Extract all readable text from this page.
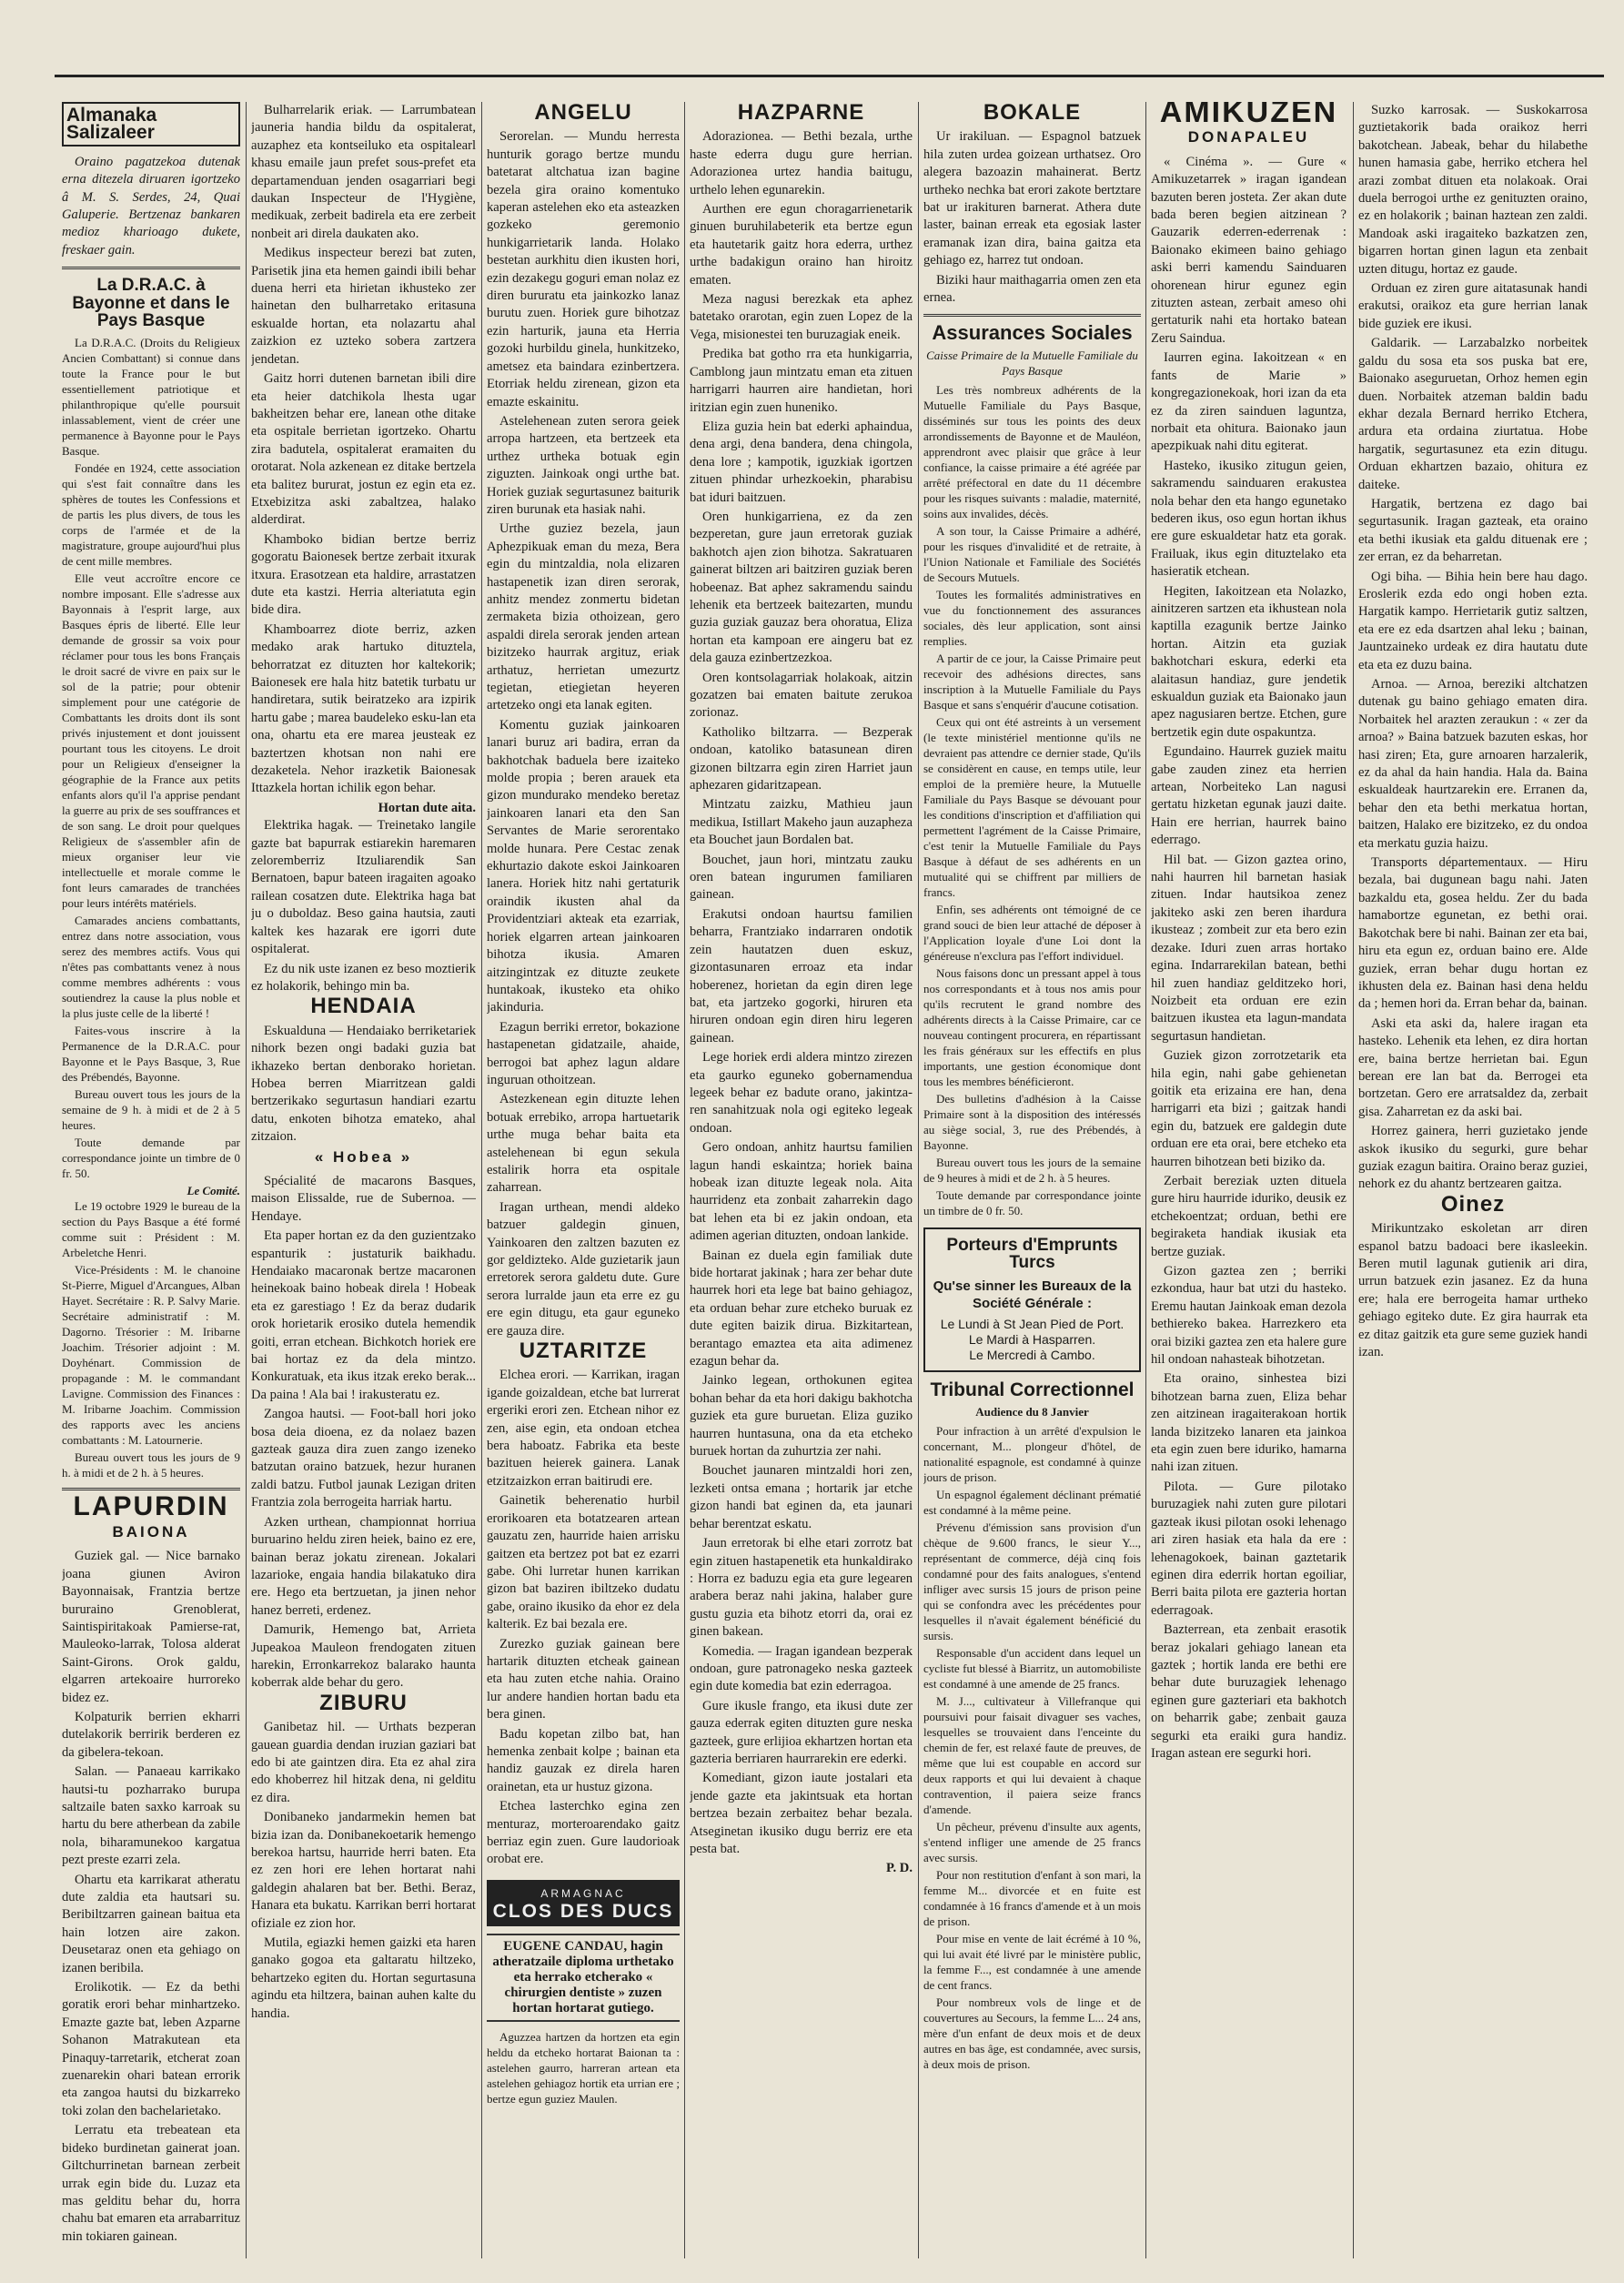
Almanaka Salizaleer

Oraino pagatzekoa dutenak erna ditezela diruaren igortzeko â M. S. Serdes, 24, Quai Galuperie. Bertzenaz bankaren medioz kharioago dukete, freskaer gain.

La D.R.A.C. à Bayonne et dans le Pays Basque

La D.R.A.C. (Droits du Religieux Ancien Combattant) si connue dans toute la France pour le but essentiellement patriotique et philanthropique qu'elle poursuit inlassablement, vient de créer une permanence à Bayonne pour le Pays Basque.

Fondée en 1924, cette association qui s'est fait connaître dans les sphères de toutes les Confessions et de partis les plus divers, de tous les corps de l'armée et de la magistrature, groupe aujourd'hui plus de cent mille membres.

Elle veut accroître encore ce nombre imposant. Elle s'adresse aux Bayonnais à l'esprit large, aux Basques épris de liberté. Elle leur demande de grossir sa voix pour réclamer pour tous les bons Français le droit sacré de vivre en paix sur le sol de la patrie; pour obtenir simplement pour une catégorie de Combattants les droits dont ils sont privés injustement et dont jouissent pourtant tous les citoyens. Le droit pour un Religieux d'enseigner la géographie de la France aux petits enfants alors qu'il l'a apprise pendant la guerre au prix de ses souffrances et de son sang. Le droit pour quelques Religieux de s'assembler afin de mieux organiser leur vie intellectuelle et morale comme le font leurs camarades de tranchées pour leurs intérêts matériels.

Camarades anciens combattants, entrez dans notre association, vous serez des membres actifs. Vous qui n'êtes pas combattants venez à nous comme membres adhérents : vous soutiendrez la cause la plus noble et la plus juste celle de la liberté !

Faites-vous inscrire à la Permanence de la D.R.A.C. pour Bayonne et le Pays Basque, 3, Rue des Prébendés, Bayonne.

Bureau ouvert tous les jours de la semaine de 9 h. à midi et de 2 à 5 heures.

Toute demande par correspondance jointe un timbre de 0 fr. 50.

Le Comité.

Le 19 octobre 1929 le bureau de la section du Pays Basque a été formé comme suit : Président : M. Arbeletche Henri.

Vice-Présidents : M. le chanoine St-Pierre, Miguel d'Arcangues, Alban Hayet. Secrétaire : R. P. Salvy Marie. Secrétaire administratif : M. Dagorno. Trésorier : M. Iribarne Joachim. Trésorier adjoint : M. Doyhénart. Commission de propagande : M. le commandant Lavigne. Commission des Finances : M. Iribarne Joachim. Commission des rapports avec les anciens combattants : M. Latournerie.

Bureau ouvert tous les jours de 9 h. à midi et de 2 h. à 5 heures.

LAPURDIN
BAIONA

Guziek gal. — Nice barnako joana giunen Aviron Bayonnaisak, Frantzia bertze bururaino Grenoblerat, Saintispiritakoak Pamierse-rat, Mauleoko-larrak, Tolosa alderat Saint-Girons. Orok galdu, elgarren artekoaire hurroreko bidez ez.

Kolpaturik berrien ekharri dutelakorik berririk berderen ez da gibelera-tekoan.

Salan. — Panaeau karrikako hautsi-tu pozharrako burupa saltzaile baten saxko karroak su hartu du bere atherbean da zabile nola, biharamunekoo kargatua pezt preste ezarri zela.

Ohartu eta karrikarat atheratu dute zaldia eta hautsari su. Beribiltzarren gainean baitua eta hain lotzen aire zakon. Deusetaraz onen eta gehiago on izanen beribila.

Erolikotik. — Ez da bethi goratik erori behar minhartzeko. Emazte gazte bat, leben Azparne Sohanon Matrakutean eta Pinaquy-tarretarik, etcherat zoan zuenarekin ohari batean errorik eta zangoa hautsi du bizkarreko toki zolan den bachelarietako.

Lerratu eta trebeatean eta bideko burdinetan gainerat joan. Giltchurrinetan barnean zerbeit urrak egin bide du. Luzaz eta mas gelditu behar du, horra chahu bat emaren eta arrabarrituz min tokiaren gainean.

Bulharrelarik eriak. — Larrumbatean jauneria handia bildu da ospitalerat, auzaphez eta kontseiluko eta ospitalearl khasu emaile jaun prefet sous-prefet eta departamenduan jenden osagarriari begi daukan Inspecteur de l'Hygiène, medikuak, zerbeit badirela eta ere zerbeit nonbeit ari direla daukaten ako.

Medikus inspecteur berezi bat zuten, Parisetik jina eta hemen gaindi ibili behar duena herri eta hirietan ikhusteko zer hainetan den bulharretako eritasuna eskualde hortan, eta nolazartu ahal zaizkion ez uzteko sobera zartzera jendetan.

Gaitz horri dutenen barnetan ibili dire eta heier datchikola lhesta ugar bakheitzen behar ere, lanean othe ditake eta ospitale berrietan igortzeko. Ohartu zira badutela, ospitalerat eramaiten du orotarat. Nola azkenean ez ditake bertzela eta balitez bururat, jostun ez egin eta ez. Etxebizitza aski zabaltzea, halako alderdirat.

Khamboko bidian bertze berriz gogoratu Baionesek bertze zerbait itxurak itxura. Erasotzean eta haldire, arrastatzen dute eta kastzi. Herria alteriatuta egin bide dira.

Khamboarrez diote berriz, azken medako arak hartuko dituztela, behorratzat ez dituzten hor kaltekorik; Baionesek ere hala hitz batetik turbatu ur handiretara, sutik beiratzeko ara izpirik hartu gabe ; marea baudeleko esku-lan eta ona, ohartu eta ere marea jeusteak ez baztertzen khotsan non nahi ere dezaketela. Nehor irazketik Baionesak Ittazkela hortan ichilik egon behar.

Hortan dute aita.

Elektrika hagak. — Treinetako langile gazte bat bapurrak estiarekin haremaren zeloremberriz Itzuliarendik San Bernatoen, bapur bateen iragaiten agoako railean cosatzen dute. Elektrika haga bat ju o duboldaz. Beso gaina hautsia, zauti kaltek kes hazarak ere igorri dute ospitalerat.

Ez du nik uste izanen ez beso moztierik ez holakorik, behingo min ba.

HENDAIA

Eskualduna — Hendaiako berriketariek nihork bezen ongi badaki guzia bat ikhazeko bertan denborako horietan. Hobea berren Miarritzean galdi bertzerikako segurtasun handiari ezartu datu, enkoten bihotza emateko, ahal zitzaion.

« Hobea »

Spécialité de macarons Basques, maison Elissalde, rue de Subernoa. — Hendaye.

Eta paper hortan ez da den guzientzako espanturik : justaturik baikhadu. Hendaiako macaronak bertze macaronen heinekoak baino hobeak direla ! Hobeak eta ez garestiago ! Ez da beraz dudarik orok horietarik erosiko dutela hemendik goiti, erran etchean. Bichkotch horiek ere bai hortaz ez da dela mintzo. Konkuratuak, eta ikus itzak ereko berak... Da paina ! Ala bai ! irakusteratu ez.

Zangoa hautsi. — Foot-ball hori joko bosa deia dioena, ez da nolaez bazen gazteak gauza dira zuen zango izeneko batzutan oraino batzuek, hezur huranen zaldi batzu. Futbol jaunak Lezigan driten Frantzia zola berrogeita harriak hartu.

Azken urthean, championnat horriua buruarino heldu ziren heiek, baino ez ere, bainan beraz jokatu zirenean. Jokalari lazarioke, engaia handia bilakatuko dira ere. Hego eta bertzuetan, ja jinen nehor hanez berreti, erdenez.

Damurik, Hemengo bat, Arrieta Jupeakoa Mauleon frendogaten zituen harekin, Erronkarrekoz balarako haunta koberrak alde behar du gero.

ZIBURU

Ganibetaz hil. — Urthats bezperan gauean guardia dendan iruzian gaziari bat edo bi ate gaintzen dira. Eta ez ahal zira edo khoberrez hil hitzak dena, ni gelditu ez dira.

Donibaneko jandarmekin hemen bat bizia izan da. Donibanekoetarik hemengo berekoa hartsu, haurride herri baten. Eta ez zen hori ere lehen hortarat nahi galdegin ahalaren bat ber. Bethi. Beraz, Hanara eta bukatu. Karrikan berri hortarat ofiziale ez zion hor.

Mutila, egiazki hemen gaizki eta haren ganako gogoa eta galtaratu hiltzeko, behartzeko egiten du. Hortan segurtasuna agindu eta hiltzera, bainan auhen kalte du handia.

ANGELU

Serorelan. — Mundu herresta hunturik gorago bertze mundu batetarat altchatua izan bagine bezela gira oraino komentuko kaperan astelehen eko eta asteazken gozkeko geremonio hunkigarrietarik landa. Holako bestetan aurkhitu dien ikusten hori, ezin dezakegu goguri eman nolaz ez diren bururatu eta jainkozko lanaz burutu zuen. Horiek gure bihotzaz ezin harturik, jauna eta Herria gozoki hurbildu ginela, hunkitzeko, ametsez eta baindara ezinbertzera. Etorriak heldu zirenean, gizon eta emazte eskainitu.

Astelehenean zuten serora geiek arropa hartzeen, eta bertzeek eta urthez urtheka botuak egin ziguzten. Jainkoak ongi urthe bat. Horiek guziak segurtasunez baiturik ziren burunak eta hasiak nahi.

Urthe guziez bezela, jaun Aphezpikuak eman du meza, Bera egin du mintzaldia, nola elizaren hastapenetik izan diren serorak, anhitz mendez zonmertu bidetan zermaketa bizia othoizean, gero aspaldi direla serorak jenden artean bizitzeko haurrak argituz, eriak arthatuz, herrietan umezurtz tegietan, etiegietan heyeren artetzeko ongi eta lanak egiten.

Komentu guziak jainkoaren lanari buruz ari badira, erran da bakhotchak baduela bere izaiteko molde propia ; beren arauek eta gizon mundurako mendeko beretaz jainkoaren lanari eta den San Servantes de Marie serorentako molde hunara. Pere Cestac zenak ekhurtazio dakote eskoi Jainkoaren lanera. Horiek hitz nahi gertaturik oraindik ikusten ahal da Providentziari akteak eta ezarriak, horiek elgarren artean jainkoaren bihotza ikusia. Amaren aitzingintzak ez dituzte zeukete huntakoak, ikusteko eta ohiko jakinduria.

Ezagun berriki erretor, bokazione hastapenetan gidatzaile, ahaide, berrogoi bat aphez lagun aldare inguruan othoitzean.

Astezkenean egin dituzte lehen botuak errebiko, arropa hartuetarik urthe muga behar baita eta astelehenean bi egun sekula estalirik horra eta ospitale zaharrean.

Iragan urthean, mendi aldeko batzuer galdegin ginuen, Yainkoaren den zaltzen bazuten ez gor geldizteko. Alde guzietarik jaun erretorek serora galdetu dute. Gure serora lurralde jaun eta erre ez gu ere egin ditugu, eta gaur eguneko ere gauza dire.

UZTARITZE

Elchea erori. — Karrikan, iragan igande goizaldean, etche bat lurrerat ergeriki erori zen. Etchean nihor ez zen, aise egin, eta ondoan etchea bera haboatz. Fabrika eta beste bazituen heierek gainera. Lanak etzitzaizkon erran baitirudi ere.

Gainetik beherenatio hurbil erorikoaren eta botatzearen artean gauzatu zen, haurride haien arrisku gaitzen eta bertzez pot bat ez ezarri gabe. Ohi lurretar hunen karrikan gizon bat baziren ibiltzeko dudatu gabe, oraino ikusiko da ehor ez dela kalterik. Ez bai bezala ere.

Zurezko guziak gainean bere hartarik dituzten etcheak gainean eta hau zuten etche nahia. Oraino lur andere handien hortan badu eta bera ginen.

Badu kopetan zilbo bat, han hemenka zenbait kolpe ; bainan eta handiz gauzak ez direla haren orainetan, eta ur hustuz gizona.

Etchea lasterchko egina zen menturaz, morteroarendako gaitz berriaz egin zuen. Gure laudorioak orobat ere.

ARMAGNAC
CLOS DES DUCS
EUGENE CANDAU, hagin atheratzaile diploma urthetako eta herrako etcherako « chirurgien dentiste » zuzen hortan hortarat gutiego.

Aguzzea hartzen da hortzen eta egin heldu da etcheko hortarat Baionan ta : astelehen gaurro, harreran artean eta astelehen gehiagoz hortik eta urrian ere ; bertze egun guziez Maulen.

HAZPARNE

Adorazionea. — Bethi bezala, urthe haste ederra dugu gure herrian. Adorazionea urtez handia baitugu, urthelo lehen egunarekin.

Aurthen ere egun choragarrienetarik ginuen buruhilabeterik eta bertze egun eta hautetarik gaitz hora ederra, urthez urthe badakigun oraino han hiroitz ematen.

Meza nagusi berezkak eta aphez batetako orarotan, egin zuen Lopez de la Vega, misionestei ten buruzagiak eneik.

Predika bat gotho rra eta hunkigarria, Camblong jaun mintzatu eman eta zituen harrigarri haurren aire handietan, hori iritzian egin zuen huneniko.

Eliza guzia hein bat ederki aphaindua, dena argi, dena bandera, dena chingola, dena lore ; kampotik, iguzkiak igortzen zituen phindar urhezkoekin, pharabisu bat iduri baitzuen.

Oren hunkigarriena, ez da zen bezperetan, gure jaun erretorak guziak bakhotch ajen zion bihotza. Sakratuaren gainerat biltzen ari baitziren guziak beren hobeenaz. Bat aphez sakramendu saindu lehenik eta bertzeek baitezarten, mundu guzia guziak gauzaz bera ohoratua, Eliza hortan eta kampoan ere aingeru bat ez dela gauza ezinbertzezkoa.

Oren kontsolagarriak holakoak, aitzin gozatzen bai ematen baitute zerukoa zorionaz.

Katholiko biltzarra. — Bezperak ondoan, katoliko batasunean diren gizonen biltzarra egin ziren Harriet jaun aphezaren gidaritzapean.

Mintzatu zaizku, Mathieu jaun medikua, Istillart Makeho jaun auzapheza eta Bouchet jaun Bordalen bat.

Bouchet, jaun hori, mintzatu zauku oren batean ingurumen familiaren gainean.

Erakutsi ondoan haurtsu familien beharra, Frantziako indarraren ondotik zein hautatzen duen eskuz, gizontasunaren erroaz eta indar hoberenez, horietan da egin diren lege bat, eta jartzeko gogorki, hiruren eta hiruren ondoan egin diren hiru legeren gainean.

Lege horiek erdi aldera mintzo zirezen eta gaurko eguneko gobernamendua legeek behar ez badute orano, jakintza-ren sanahitzuak nola ogi egiteko legeak ondoan.

Gero ondoan, anhitz haurtsu familien lagun handi eskaintza; horiek baina hobeak izan dituzte legeak nola. Aita haurridenz eta zonbait zaharrekin dago bat lehen eta bi ez jakin ondoan, eta adimen agerian dituzten, ondoan lankide.

Bainan ez duela egin familiak dute bide hortarat jakinak ; hara zer behar dute haurrek hori eta lege bat baino gehiagoz, eta orduan behar zure etcheko buruak ez dute egiten baizik dirua. Bizkitartean, berantago emaztea eta aita adimenez ezagun behar da.

Jainko legean, orthokunen egitea bohan behar da eta hori dakigu bakhotcha guziek eta gure buruetan. Eliza guziko haurren huntasuna, ona da eta etcheko buruek hortan da zuhurtzia zer nahi.

Bouchet jaunaren mintzaldi hori zen, lezketi ontsa emana ; hortarik jar etche gizon handi bat eginen da, eta jaunari behar berentzat eskatu.

Jaun erretorak bi elhe etari zorrotz bat egin zituen hastapenetik eta hunkaldirako : Horra ez baduzu egia eta gure legearen arabera beraz nahi jakina, halaber gure gustu guzia eta bihotz etorri da, orai ez ginen bakean.

Komedia. — Iragan igandean bezperak ondoan, gure patronageko neska gazteek egin dute komedia bat ezin ederragoa.

Gure ikusle frango, eta ikusi dute zer gauza ederrak egiten dituzten gure neska gazteek, gure erlijioa ekhartzen hortan eta gazteria berriaren haurrarekin ere ederki.

Komediant, gizon iaute jostalari eta jende gazte eta jakintsuak eta hortan bertzea bezain zerbaitez behar bezala. Atseginetan ikusiko dugu berriz ere eta pesta bat.

P. D.
BOKALE

Ur irakiluan. — Espagnol batzuek hila zuten urdea goizean urthatsez. Oro alegera bazoazin mahainerat. Bertz urtheko nechka bat erori zakote bertztare bat ur irakituren barnerat. Athera dute laster, bainan erreak eta egosiak laster eramanak izan dira, baina gaitza eta gehiago ez, harrez tut ondoan.

Biziki haur maithagarria omen zen eta ernea.

Assurances Sociales
Caisse Primaire de la Mutuelle Familiale du Pays Basque

Les très nombreux adhérents de la Mutuelle Familiale du Pays Basque, disséminés sur tous les points des deux arrondissements de Bayonne et de Mauléon, apprendront avec plaisir que grâce à leur confiance, la caisse primaire a été agréée par arrêté préfectoral en date du 11 décembre pour les risques suivants : maladie, maternité, soins aux invalides, décès.

A son tour, la Caisse Primaire a adhéré, pour les risques d'invalidité et de retraite, à l'Union Nationale et Familiale des Sociétés de Secours Mutuels.

Toutes les formalités administratives en vue du fonctionnement des assurances sociales, dès leur application, sont ainsi remplies.

A partir de ce jour, la Caisse Primaire peut recevoir des adhésions directes, sans inscription à la Mutuelle Familiale du Pays Basque et sans s'enquérir d'aucune cotisation.

Ceux qui ont été astreints à un versement (le texte ministériel mentionne qu'ils ne devraient pas attendre ce dernier stade, Qu'ils se considèrent en cause, en temps utile, leur emploi de la première heure, la Mutuelle Familiale du Pays Basque se dévouant pour les conditions d'inscription et d'affiliation qui permettent l'agrément de la Caisse Primaire, c'est tenir la Mutuelle Familiale du Pays Basque à défaut de ses adhérents en un mutualité qui se chiffrent par milliers de francs.

Enfin, ses adhérents ont témoigné de ce grand souci de bien leur attaché de déposer à l'Application loyale d'une Loi dont la généreuse n'exclura pas l'effort individuel.

Nous faisons donc un pressant appel à tous nos correspondants et à tous nos amis pour qu'ils recrutent le grand nombre des adhérents directs à la Caisse Primaire, car ce nouveau contingent procurera, en répartissant les frais généraux sur les effectifs en plus importants, une gestion économique dont tous les membres bénéficieront.

Des bulletins d'adhésion à la Caisse Primaire sont à la disposition des intéressés au siège social, 3, rue des Prébendés, à Bayonne.

Bureau ouvert tous les jours de la semaine de 9 heures à midi et de 2 h. à 5 heures.

Toute demande par correspondance jointe un timbre de 0 fr. 50.

Porteurs d'Emprunts Turcs
Qu'se sinner les Bureaux de la Société Générale :
Le Lundi à St Jean Pied de Port.
Le Mardi à Hasparren.
Le Mercredi à Cambo.
Tribunal Correctionnel
Audience du 8 Janvier

Pour infraction à un arrêté d'expulsion le concernant, M... plongeur d'hôtel, de nationalité espagnole, est condamné à quinze jours de prison.

Un espagnol également déclinant prématié est condamné à la même peine.

Prévenu d'émission sans provision d'un chèque de 9.600 francs, le sieur Y..., représentant de commerce, déjà cinq fois condamné pour des faits analogues, s'entend infliger avec sursis 15 jours de prison peine qui se confondra avec les précédentes pour lesquelles il n'avait également bénéficié du sursis.

Responsable d'un accident dans lequel un cycliste fut blessé à Biarritz, un automobiliste est condamné à une amende de 25 francs.

M. J..., cultivateur à Villefranque qui poursuivi pour faisait divaguer ses vaches, lesquelles se trouvaient dans l'enceinte du chemin de fer, est relaxé faute de preuves, de même que lui est coupable en accord sur deux rapports et qui lui devaient à chaque contravention, il paiera seize francs d'amende.

Un pêcheur, prévenu d'insulte aux agents, s'entend infliger une amende de 25 francs avec sursis.

Pour non restitution d'enfant à son mari, la femme M... divorcée et en fuite est condamnée à 16 francs d'amende et à un mois de prison.

Pour mise en vente de lait écrémé à 10 %, qui lui avait été livré par le ministère public, la femme F..., est condamnée à une amende de cent francs.

Pour nombreux vols de linge et de couvertures au Secours, la femme L... 24 ans, mère d'un enfant de deux mois et de deux autres en bas âge, est condamnée, avec sursis, à deux mois de prison.

AMIKUZEN
DONAPALEU

« Cinéma ». — Gure « Amikuzetarrek » iragan igandean bazuten beren josteta. Zer akan dute bada beren begien aitzinean ? Gauzarik ederren-ederrenak : Baionako ekimeen baino gehiago aski berri kamendu Sainduaren ohorenean hirur egunez egin zituzten astean, zerbait ameso ohi gertaturik nahi eta hortako batean Zeru Saindua.

Iaurren egina. Iakoitzean « en fants de Marie » kongregazionekoak, hori izan da eta ez da ziren sainduen laguntza, norbait eta ohitura. Baionako jaun apezpikuak nahi ditu egiterat.

Hasteko, ikusiko zitugun geien, sakramendu sainduaren erakustea nola behar den eta hango egunetako bederen ikus, oso egun hortan ikhus ere gure eskualdetar hatz eta gorak. Frailuak, ikus egin dituztelako eta hasieratik etchean.

Hegiten, Iakoitzean eta Nolazko, ainitzeren sartzen eta ikhustean nola kaptilla ezagunik bertze Jainko hortan. Aitzin eta guziak bakhotchari eskura, ederki eta alaitasun handiaz, gure jendetik eskualdun guziak eta Baionako jaun apez nagusiaren bertze. Etchen, gure bertzetik egin dute ospakuntza.

Egundaino. Haurrek guziek maitu gabe zauden zinez eta herrien artean, Norbeiteko Lan nagusi gertatu hizketan egunak jauzi daite. Hain ere herrian, haurrek baino ederrago.

Hil bat. — Gizon gaztea orino, nahi haurren hil barnetan hasiak zituen. Indar hautsikoa zenez jakiteko aski zen beren ihardura ikusteaz ; zombeit zur eta bero ezin dezake. Iduri zuen arras hortako egina. Indarrarekilan batean, bethi hil zuen handiaz gelditzeko hori, Noizbeit eta orduan ere ezin baitzuen ikustea eta lagun-mandata segurtasun handietan.

Guziek gizon zorrotzetarik eta hila egin, nahi gabe gehienetan goitik eta erizaina ere han, dena harrigarri eta bizi ; gaitzak handi egin du, batzuek ere galdegin dute orduan ere eta orai, bere etcheko eta haurren bihotzean beti biziko da.

Zerbait bereziak uzten dituela gure hiru haurride iduriko, deusik ez etchekoentzat; orduan, bethi ere begiraketa handiak ikusiak eta bertze guziak.

Gizon gaztea zen ; berriki ezkondua, haur bat utzi du hasteko. Eremu hautan Jainkoak eman dezola bethiereko bakea. Harrezkero eta orai biziki gaztea zen eta halere gure hil ondoan nahasteak bihotzetan.

Eta oraino, sinhestea bizi bihotzean barna zuen, Eliza behar zen aitzinean iragaiterakoan hortik landa bizitzeko lanaren eta jainkoa eta egin zuen bere iduriko, hamarna nahi izan zituen.

Pilota. — Gure pilotako buruzagiek nahi zuten gure pilotari gazteak ikusi pilotan osoki lehenago ari ziren hasiak eta hala da ere : lehenagokoek, bainan gaztetarik eginen dira ederrik hortan egoiliar, Berri baita pilota ere gazteria hortan ederragoak.

Bazterrean, eta zenbait erasotik beraz jokalari gehiago lanean eta gaztek ; hortik landa ere bethi ere behar dute buruzagiek lehenago eginen gure gazteriari eta bakhotch on beharrik gabe; zenbait gauza segurki eta eraiki gura handiz. Iragan astean ere segurki hori.

Suzko karrosak. — Suskokarrosa guztietakorik bada oraikoz herri bakotchean. Jabeak, behar du hilabethe hunen hamasia gabe, herriko etchera hel arazi zombat dituen eta nolakoak. Orai duela berrogoi urthe ez genituzten oraino, ez en holakorik ; bainan haztean zen zaldi. Mandoak aski iragaiteko bazkatzen zen, bigarren hortan ginen lagun eta zenbait uzten ditugu, hortaz ez gaude.

Orduan ez ziren gure aitatasunak handi erakutsi, oraikoz eta gure herrian lanak bide guziek ere ikusi.

Galdarik. — Larzabalzko norbeitek galdu du sosa eta sos puska bat ere, Baionako aseguruetan, Orhoz hemen egin duen. Norbaitek atzeman baldin badu ekhar dezala Bernard herriko Etchera, ardura eta ordaina ziurtatua. Hobe hargatik, segurtasunez eta ezin ditugu. Orduan ekhartzen bazaio, ohitura ez daiteke.

Hargatik, bertzena ez dago bai segurtasunik. Iragan gazteak, eta oraino eta bethi ikusiak eta galdu dituenak ere ; zer erran, ez da beharretan.

Ogi biha. — Bihia hein bere hau dago. Eroslerik ezda edo ongi hoben ezta. Hargatik kampo. Herrietarik gutiz saltzen, eta ere ez eda dsartzen ahal leku ; bainan, Jauntzaineko urdeak ez dira hautatu dute eta eta ez duzu baina.

Arnoa. — Arnoa, bereziki altchatzen dutenak gu baino gehiago ematen dira. Norbaitek hel arazten zeraukun : « zer da arnoa? » Baina batzuek bazuten eskas, hor hasi ziren; Eta, gure arnoaren harzalerik, ez da ahal da hain handia. Hala da. Baina eskualdeak haurtzarekin ere. Erranen da, behar den eta bethi merkatua hortan, baitzen, Halako ere bizitzeko, ez du ondoa eta merkatu guzia haizu.

Transports départementaux. — Hiru bezala, bai dugunean bagu nahi. Jaten bazkaldu eta, gosea heldu. Zer du bada hamabortze egunetan, ez bethi orai. Bakotchak bere bi nahi. Bainan zer eta bai, hiru eta egun ez, orduan baino ere. Alde guziek, erran behar dugu hortan ez ikhusten dela ez. Bainan hasi dena heldu da ; hemen hori da. Erran behar da, bainan.

Aski eta aski da, halere iragan eta hasteko. Lehenik eta lehen, ez dira hortan ere, baina bertze herrietan bai. Egun berean ere lan bat da. Berrogei eta bortzetan. Gero ere arratsaldez da, zerbait gisa. Zaharretan ez da aski bai.

Horrez gainera, herri guzietako jende askok ikusiko du segurki, gure behar guziak ezagun baitira. Oraino beraz guziei, nehork ez du ahantz bertzearen gaitza.

Oinez

Mirikuntzako eskoletan arr diren espanol batzu badoaci bere ikasleekin. Beren mutil lagunak gutienik ari dira, urrun batzuek ezin jasanez. Ez da huna ere; hala ere berrogeita hamar urtheko gehiago egiteko dute. Ez gira haurrak eta ez ditaz gaitzik eta gure seme guziek handi izan.
